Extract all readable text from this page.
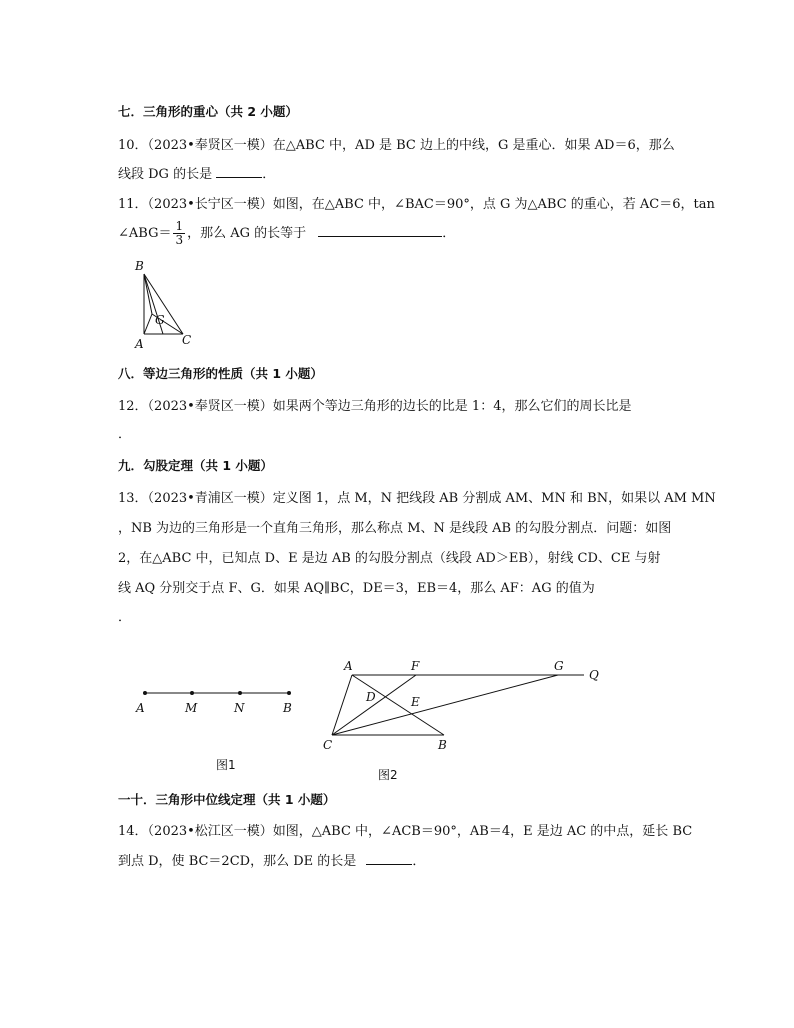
七．三角形的重心（共 2 小题）
10．（2023•奉贤区一模）在△ABC 中，AD 是 BC 边上的中线，G 是重心．如果 AD＝6，那么
线段 DG 的长是	．
11．（2023•长宁区一模）如图，在△ABC 中，∠BAC＝90°，点 G 为△ABC 的重心，若 AC＝6，tan
∠ABG＝ $\frac{1}{3}$ ，那么 AG 的长等于	．
B
G
A	C
八．等边三角形的性质（共 1 小题）
12．（2023•奉贤区一模）如果两个等边三角形的边长的比是 1：4，那么它们的周长比是
．
九．勾股定理（共 1 小题）
13．（2023•青浦区一模）定义图 1，点 M，N 把线段 AB 分割成 AM、MN 和 BN，如果以 AM MN
，NB 为边的三角形是一个直角三角形，那么称点 M、N 是线段 AB 的勾股分割点．问题：如图
2，在△ABC 中，已知点 D、E 是边 AB 的勾股分割点（线段 AD＞EB），射线 CD、CE 与射
线 AQ 分别交于点 F、G．如果 AQ∥BC，DE＝3，EB＝4，那么 AF：AG 的值为
．
A	M	N	B
图1
A	F	G
Q
D	E
C	B
图2
一十．三角形中位线定理（共 1 小题）
14．（2023•松江区一模）如图，△ABC 中，∠ACB＝90°，AB＝4，E 是边 AC 的中点，延长 BC
到点 D，使 BC＝2CD，那么 DE 的长是	．
